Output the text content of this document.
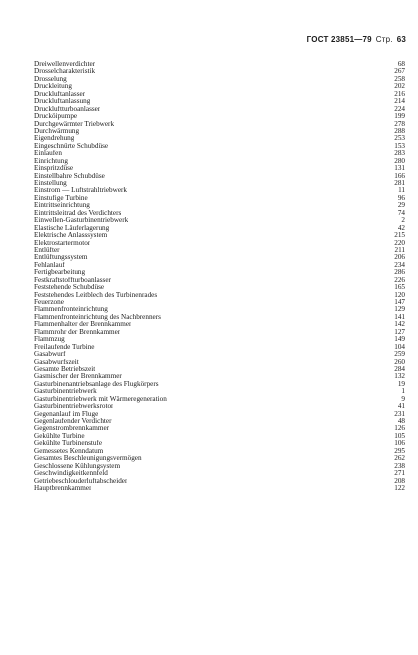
ГОСТ 23851—79 Стр. 63
Dreiwellenverdichter	68
Drosselcharakteristik	267
Drosselung	258
Druckleitung	202
Druckluftanlasser	216
Druckluftanlassung	214
Druckluftturboanlasser	224
Drucköipumpe	199
Durchgewärmter Triebwerk	278
Durchwärmung	288
Eigendrehung	253
Eingeschnürte Schubdüse	153
Einlaufen	283
Einrichtung	280
Einspritzdüse	131
Einstellbahre Schubdüse	166
Einstellung	281
Einstrom — Luftstrahltriebwerk	11
Einstufige Turbine	96
Eintrittseinrichtung	29
Eintrittsleitrad des Verdichters	74
Einwellen-Gasturbinentriebwerk	2
Elastische Läuferlagerung	42
Elektrische Anlasssystem	215
Elektrostartermotor	220
Entlüfter	211
Entlüftungssystem	206
Fehlanlauf	234
Fertigbearbeitung	286
Festkraftstoffturboanlasser	226
Feststehende Schubdüse	165
Feststehendes Leitblech des Turbinenrades	120
Feuerzone	147
Flammenfronteinrichtung	129
Flammenfronteinrichtung des Nachbrenners	141
Flammenhalter der Brennkammer	142
Flammrohr der Brennkammer	127
Flammzug	149
Freilaufende Turbine	104
Gasabwurf	259
Gasabwurfszeit	260
Gesamte Betriebszeit	284
Gasmischer der Brennkammer	132
Gasturbinenantriebsanlage des Flugkörpers	19
Gasturbinentriebwerk	1
Gasturbinentriebwerk mit Wärmeregeneration	9
Gasturbinentriebwerksrotor	41
Gegenanlauf im Fluge	231
Gegenlaufender Verdichter	48
Gegenstrombrennkammer	126
Gekühlte Turbine	105
Gekühlte Turbinenstufe	106
Gemessetes Kenndatum	295
Gesamtes Beschleunigungsvermögen	262
Geschlossene Kühlungsystem	238
Geschwindigkeitkennfeld	271
Getriebeschlouderluftabscheider	208
Hauptbrennkammer	122
